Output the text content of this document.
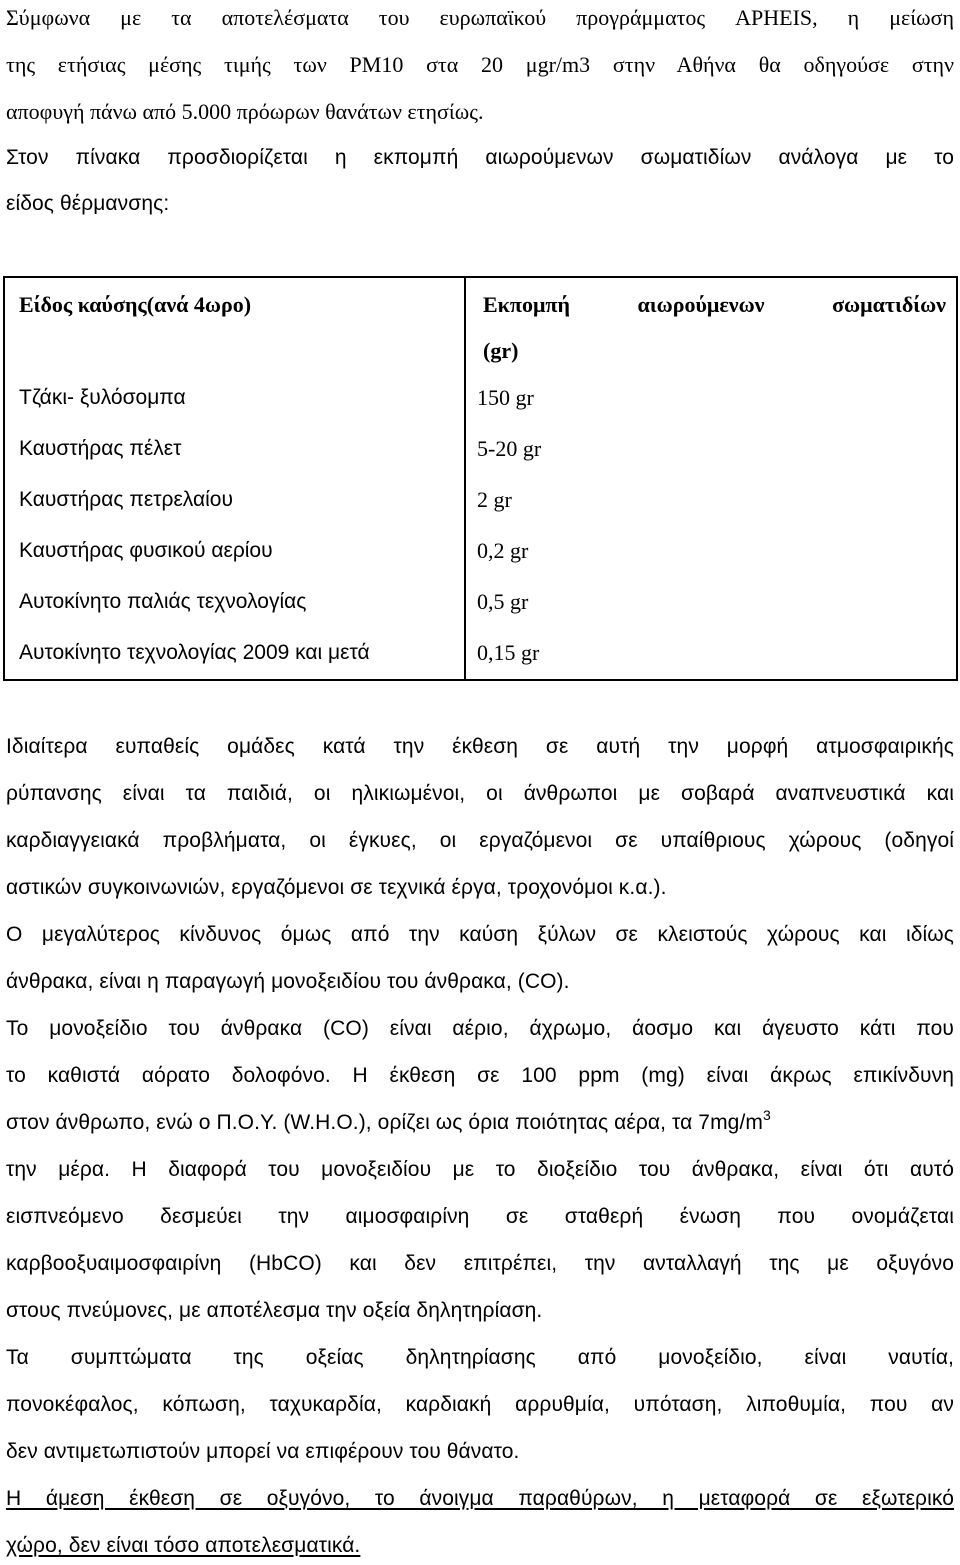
Σύμφωνα με τα αποτελέσματα του ευρωπαϊκού προγράμματος APHEIS, η μείωση
της ετήσιας μέσης τιμής των PM10 στα 20 μgr/m3 στην Αθήνα θα οδηγούσε στην
αποφυγή πάνω από 5.000 πρόωρων θανάτων ετησίως.
Στον πίνακα προσδιορίζεται η εκπομπή αιωρούμενων σωματιδίων ανάλογα με το
είδος θέρμανσης:
Είδος καύσης(ανά 4ωρο)	Εκπομπή αιωρούμενων σωματιδίων
(gr)
Τζάκι- ξυλόσομπα	150 gr
Καυστήρας πέλετ	5-20 gr
Καυστήρας πετρελαίου	2 gr
Καυστήρας φυσικού αερίου	0,2 gr
Αυτοκίνητο παλιάς τεχνολογίας	0,5 gr
Αυτοκίνητο τεχνολογίας 2009 και μετά	0,15 gr
Ιδιαίτερα ευπαθείς ομάδες κατά την έκθεση σε αυτή την μορφή ατμοσφαιρικής
ρύπανσης είναι τα παιδιά, οι ηλικιωμένοι, οι άνθρωποι με σοβαρά αναπνευστικά και
καρδιαγγειακά προβλήματα, οι έγκυες, οι εργαζόμενοι σε υπαίθριους χώρους (οδηγοί
αστικών συγκοινωνιών, εργαζόμενοι σε τεχνικά έργα, τροχονόμοι κ.α.).
Ο μεγαλύτερος κίνδυνος όμως από την καύση ξύλων σε κλειστούς χώρους και ιδίως
άνθρακα, είναι η παραγωγή μονοξειδίου του άνθρακα, (CO).
Το μονοξείδιο του άνθρακα (CO) είναι αέριο, άχρωμο, άοσμο και άγευστο κάτι που
το καθιστά αόρατο δολοφόνο. Η έκθεση σε 100 ppm (mg) είναι άκρως επικίνδυνη
στον άνθρωπο, ενώ ο Π.Ο.Υ. (W.H.O.), ορίζει ως όρια ποιότητας αέρα, τα $7mg/m^3$
την μέρα. Η διαφορά του μονοξειδίου με το διοξείδιο του άνθρακα, είναι ότι αυτό
εισπνεόμενο δεσμεύει την αιμοσφαιρίνη σε σταθερή ένωση που ονομάζεται
καρβοοξυαιμοσφαιρίνη (HbCO) και δεν επιτρέπει, την ανταλλαγή της με οξυγόνο
στους πνεύμονες, με αποτέλεσμα την οξεία δηλητηρίαση.
Τα συμπτώματα της οξείας δηλητηρίασης από μονοξείδιο, είναι ναυτία,
πονοκέφαλος, κόπωση, ταχυκαρδία, καρδιακή αρρυθμία, υπόταση, λιποθυμία, που αν
δεν αντιμετωπιστούν μπορεί να επιφέρουν του θάνατο.
Η άμεση έκθεση σε οξυγόνο, το άνοιγμα παραθύρων, η μεταφορά σε εξωτερικό
χώρο, δεν είναι τόσο αποτελεσματικά.
